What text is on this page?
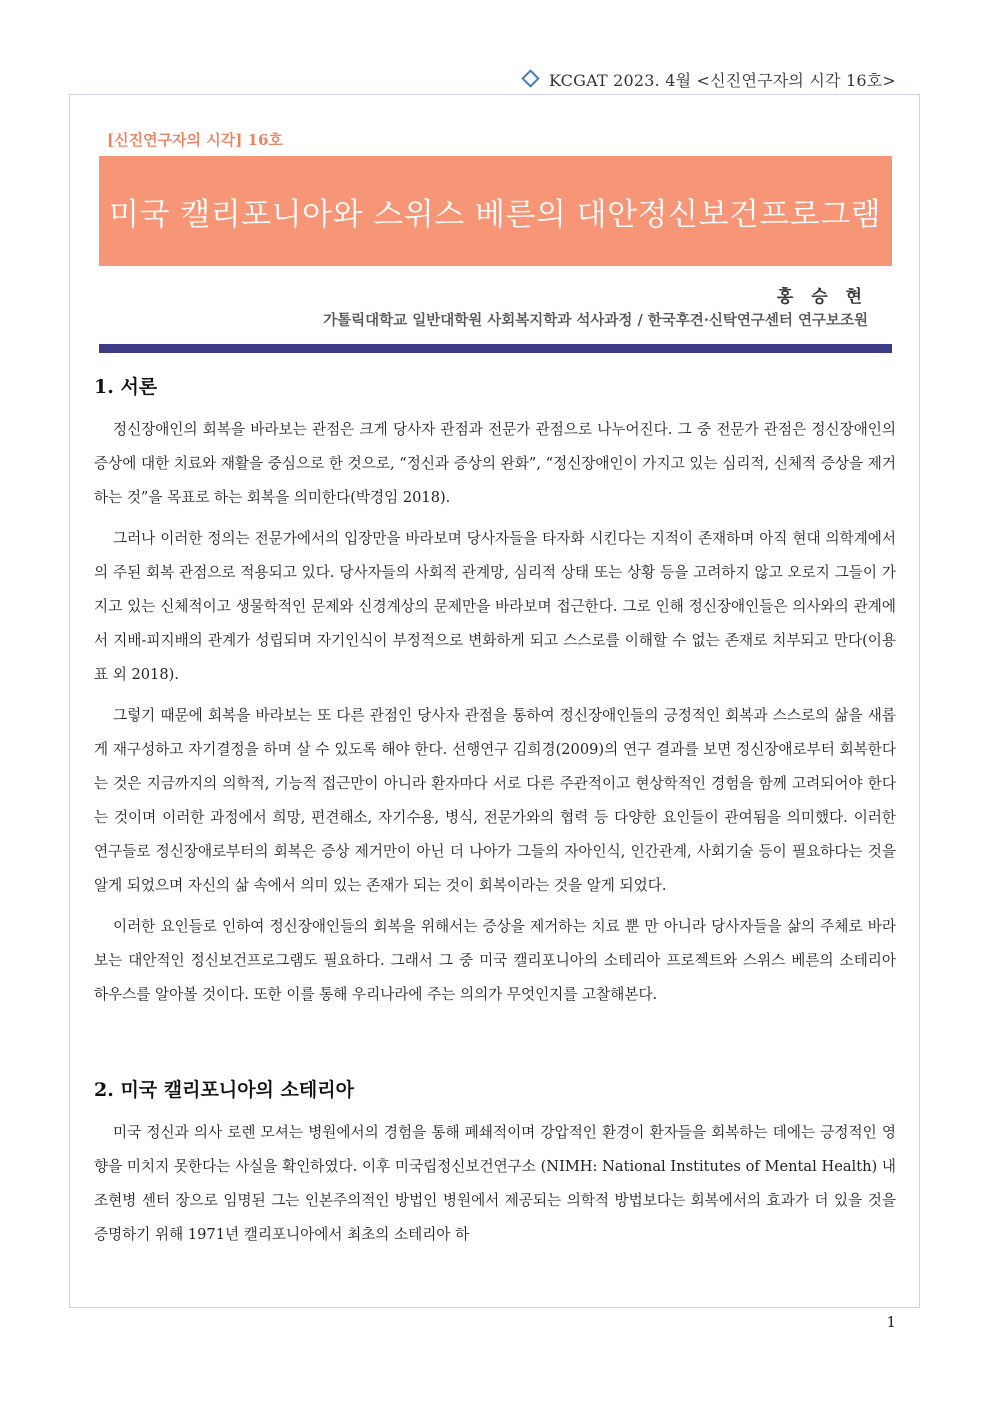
KCGAT 2023. 4월 <신진연구자의 시각 16호>
[신진연구자의 시각] 16호
미국 캘리포니아와 스위스 베른의 대안정신보건프로그램
홍 승 현
가톨릭대학교 일반대학원 사회복지학과 석사과정 / 한국후견·신탁연구센터 연구보조원
1. 서론

정신장애인의 회복을 바라보는 관점은 크게 당사자 관점과 전문가 관점으로 나누어진다. 그 중 전문가 관점은 정신장애인의 증상에 대한 치료와 재활을 중심으로 한 것으로, “정신과 증상의 완화”, “정신장애인이 가지고 있는 심리적, 신체적 증상을 제거하는 것”을 목표로 하는 회복을 의미한다(박경임 2018).

그러나 이러한 정의는 전문가에서의 입장만을 바라보며 당사자들을 타자화 시킨다는 지적이 존재하며 아직 현대 의학계에서의 주된 회복 관점으로 적용되고 있다. 당사자들의 사회적 관계망, 심리적 상태 또는 상황 등을 고려하지 않고 오로지 그들이 가지고 있는 신체적이고 생물학적인 문제와 신경계상의 문제만을 바라보며 접근한다. 그로 인해 정신장애인들은 의사와의 관계에서 지배-피지배의 관계가 성립되며 자기인식이 부정적으로 변화하게 되고 스스로를 이해할 수 없는 존재로 치부되고 만다(이용표 외 2018).

그렇기 때문에 회복을 바라보는 또 다른 관점인 당사자 관점을 통하여 정신장애인들의 긍정적인 회복과 스스로의 삶을 새롭게 재구성하고 자기결정을 하며 살 수 있도록 해야 한다. 선행연구 김희경(2009)의 연구 결과를 보면 정신장애로부터 회복한다는 것은 지금까지의 의학적, 기능적 접근만이 아니라 환자마다 서로 다른 주관적이고 현상학적인 경험을 함께 고려되어야 한다는 것이며 이러한 과정에서 희망, 편견해소, 자기수용, 병식, 전문가와의 협력 등 다양한 요인들이 관여됨을 의미했다. 이러한 연구들로 정신장애로부터의 회복은 증상 제거만이 아닌 더 나아가 그들의 자아인식, 인간관계, 사회기술 등이 필요하다는 것을 알게 되었으며 자신의 삶 속에서 의미 있는 존재가 되는 것이 회복이라는 것을 알게 되었다.

이러한 요인들로 인하여 정신장애인들의 회복을 위해서는 증상을 제거하는 치료 뿐 만 아니라 당사자들을 삶의 주체로 바라보는 대안적인 정신보건프로그램도 필요하다. 그래서 그 중 미국 캘리포니아의 소테리아 프로젝트와 스위스 베른의 소테리아 하우스를 알아볼 것이다. 또한 이를 통해 우리나라에 주는 의의가 무엇인지를 고찰해본다.

2. 미국 캘리포니아의 소테리아

미국 정신과 의사 로렌 모셔는 병원에서의 경험을 통해 폐쇄적이며 강압적인 환경이 환자들을 회복하는 데에는 긍정적인 영향을 미치지 못한다는 사실을 확인하였다. 이후 미국립정신보건연구소 (NIMH: National Institutes of Mental Health) 내 조현병 센터 장으로 임명된 그는 인본주의적인 방법인 병원에서 제공되는 의학적 방법보다는 회복에서의 효과가 더 있을 것을 증명하기 위해 1971년 캘리포니아에서 최초의 소테리아 하

1
